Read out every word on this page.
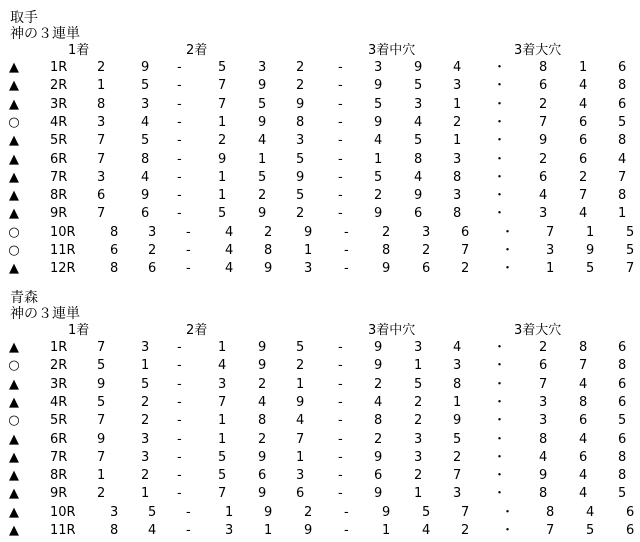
取手
神の３連単
1着	2着	3着中穴	3着大穴
▲ 1R 2	9 -	5 3 2	- 3 9 4 ・	8 1 6
▲ 2R 1	5 -	7 9 2	- 9 5 3 ・	6 4 8
▲ 3R 8	3 -	7 5 9	- 5 3 1 ・	2 4 6
○ 4R 3	4 -	1 9 8	- 9 4 2 ・	7 6 5
▲ 5R 7	5 -	2 4 3	- 4 5 1 ・	9 6 8
▲ 6R 7	8 -	9 1 5	- 1 8 3 ・	2 6 4
▲ 7R 3	4 -	1 5 9	- 5 4 8 ・	6 2 7
▲ 8R 6	9 -	1 2 5	- 2 9 3 ・	4 7 8
▲ 9R 7	6 -	5 9 2	- 9 6 8 ・	3 4 1
○ 10R	8 3 -	4 2 9 -	2 3 6 ・ 7 1 5
○ 11R	6 2 -	4 8 1 -	8 2 7 ・ 3 9 5
▲ 12R	8 6 -	4 9 3 -	9 6 2 ・ 1 5 7
青森
神の３連単
1着	2着	3着中穴	3着大穴
▲ 1R 7	3 -	1 9 5	- 9 3 4 ・	2 8 6
○ 2R 5	1 -	4 9 2	- 9 1 3 ・	6 7 8
▲ 3R 9	5 -	3 2 1	- 2 5 8 ・	7 4 6
▲ 4R 5	2 -	7 4 9	- 4 2 1 ・	3 8 6
○ 5R 7	2 -	1 8 4	- 8 2 9 ・	3 6 5
▲ 6R 9	3 -	1 2 7	- 2 3 5 ・	8 4 6
▲ 7R 7	3 -	5 9 1	- 9 3 2 ・	4 6 8
▲ 8R 1	2 -	5 6 3	- 6 2 7 ・	9 4 8
▲ 9R 2	1 -	7 9 6	- 9 1 3 ・	8 4 5
▲ 10R	3 5 -	1 9 2 -	9 5 7 ・ 8 4 6
▲ 11R	8 4 -	3 1 9 -	1 4 2 ・ 7 5 6
